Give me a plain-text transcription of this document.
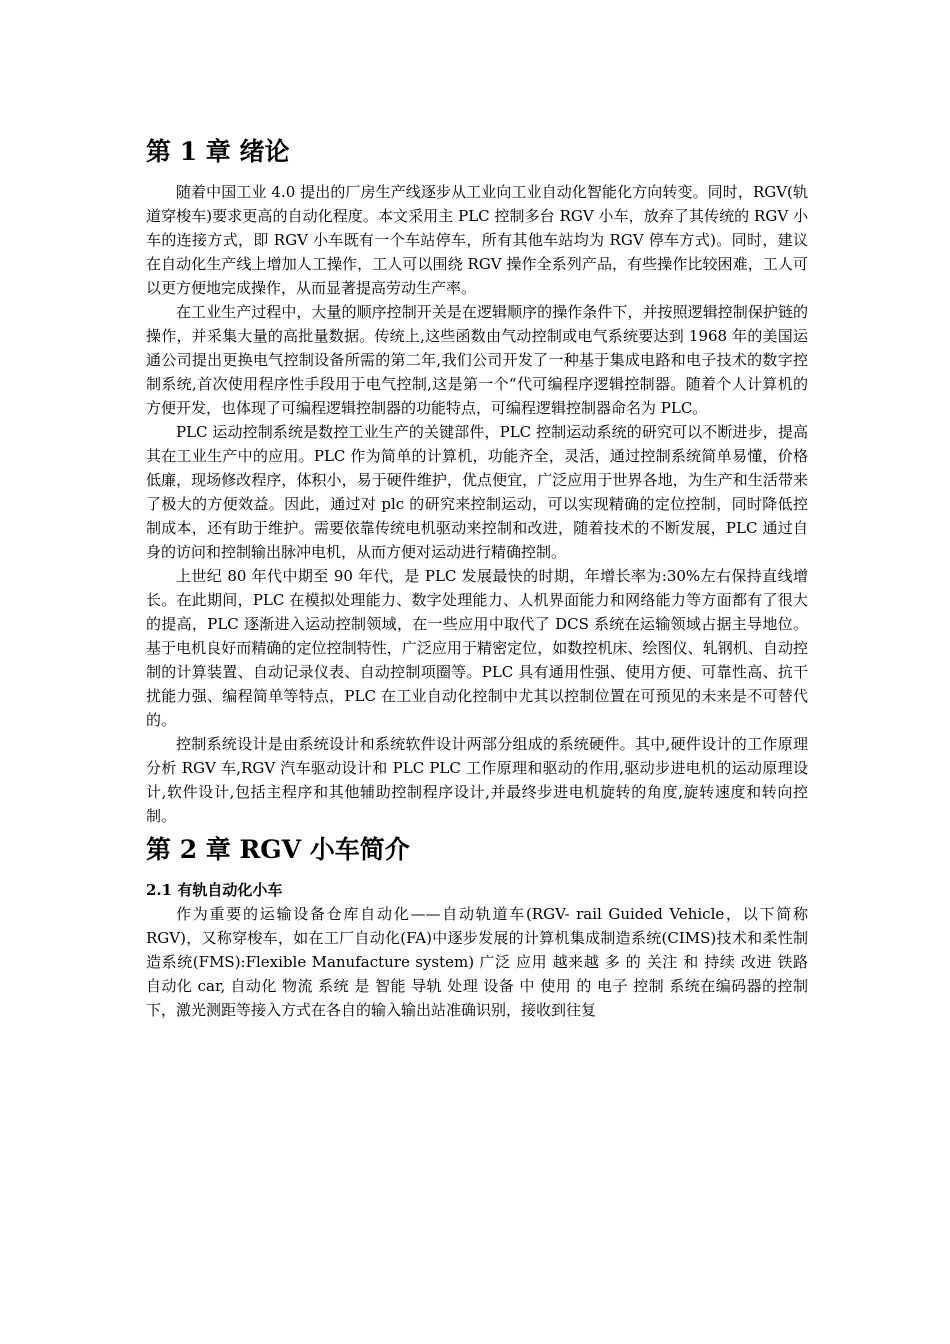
第 1 章 绪论

随着中国工业 4.0 提出的厂房生产线逐步从工业向工业自动化智能化方向转变。同时，RGV(轨道穿梭车)要求更高的自动化程度。本文采用主 PLC 控制多台 RGV 小车，放弃了其传统的 RGV 小车的连接方式，即 RGV 小车既有一个车站停车，所有其他车站均为 RGV 停车方式)。同时，建议在自动化生产线上增加人工操作，工人可以围绕 RGV 操作全系列产品，有些操作比较困难，工人可以更方便地完成操作，从而显著提高劳动生产率。

在工业生产过程中，大量的顺序控制开关是在逻辑顺序的操作条件下，并按照逻辑控制保护链的操作，并采集大量的高批量数据。传统上,这些函数由气动控制或电气系统要达到 1968 年的美国运通公司提出更换电气控制设备所需的第二年,我们公司开发了一种基于集成电路和电子技术的数字控制系统,首次使用程序性手段用于电气控制,这是第一个“代可编程序逻辑控制器。随着个人计算机的方便开发，也体现了可编程逻辑控制器的功能特点，可编程逻辑控制器命名为 PLC。

PLC 运动控制系统是数控工业生产的关键部件，PLC 控制运动系统的研究可以不断进步，提高其在工业生产中的应用。PLC 作为简单的计算机，功能齐全，灵活，通过控制系统简单易懂，价格低廉，现场修改程序，体积小，易于硬件维护，优点便宜，广泛应用于世界各地，为生产和生活带来了极大的方便效益。因此，通过对 plc 的研究来控制运动，可以实现精确的定位控制，同时降低控制成本，还有助于维护。需要依靠传统电机驱动来控制和改进，随着技术的不断发展，PLC 通过自身的访问和控制输出脉冲电机，从而方便对运动进行精确控制。

上世纪 80 年代中期至 90 年代，是 PLC 发展最快的时期，年增长率为:30%左右保持直线增长。在此期间，PLC 在模拟处理能力、数字处理能力、人机界面能力和网络能力等方面都有了很大的提高，PLC 逐渐进入运动控制领域，在一些应用中取代了 DCS 系统在运输领域占据主导地位。基于电机良好而精确的定位控制特性，广泛应用于精密定位，如数控机床、绘图仪、轧钢机、自动控制的计算装置、自动记录仪表、自动控制项圈等。PLC 具有通用性强、使用方便、可靠性高、抗干扰能力强、编程简单等特点，PLC 在工业自动化控制中尤其以控制位置在可预见的未来是不可替代的。

控制系统设计是由系统设计和系统软件设计两部分组成的系统硬件。其中,硬件设计的工作原理分析 RGV 车,RGV 汽车驱动设计和 PLC PLC 工作原理和驱动的作用,驱动步进电机的运动原理设计,软件设计,包括主程序和其他辅助控制程序设计,并最终步进电机旋转的角度,旋转速度和转向控制。

第 2 章 RGV 小车简介
2.1 有轨自动化小车

作为重要的运输设备仓库自动化——自动轨道车(RGV- rail Guided Vehicle，以下简称 RGV)，又称穿梭车，如在工厂自动化(FA)中逐步发展的计算机集成制造系统(CIMS)技术和柔性制造系统(FMS):Flexible Manufacture system) 广泛 应用 越来越 多 的 关注 和 持续 改进 铁路 自动化 car, 自动化 物流 系统 是 智能 导轨 处理 设备 中 使用 的 电子 控制 系统在编码器的控制下，激光测距等接入方式在各自的输入输出站准确识别，接收到往复
